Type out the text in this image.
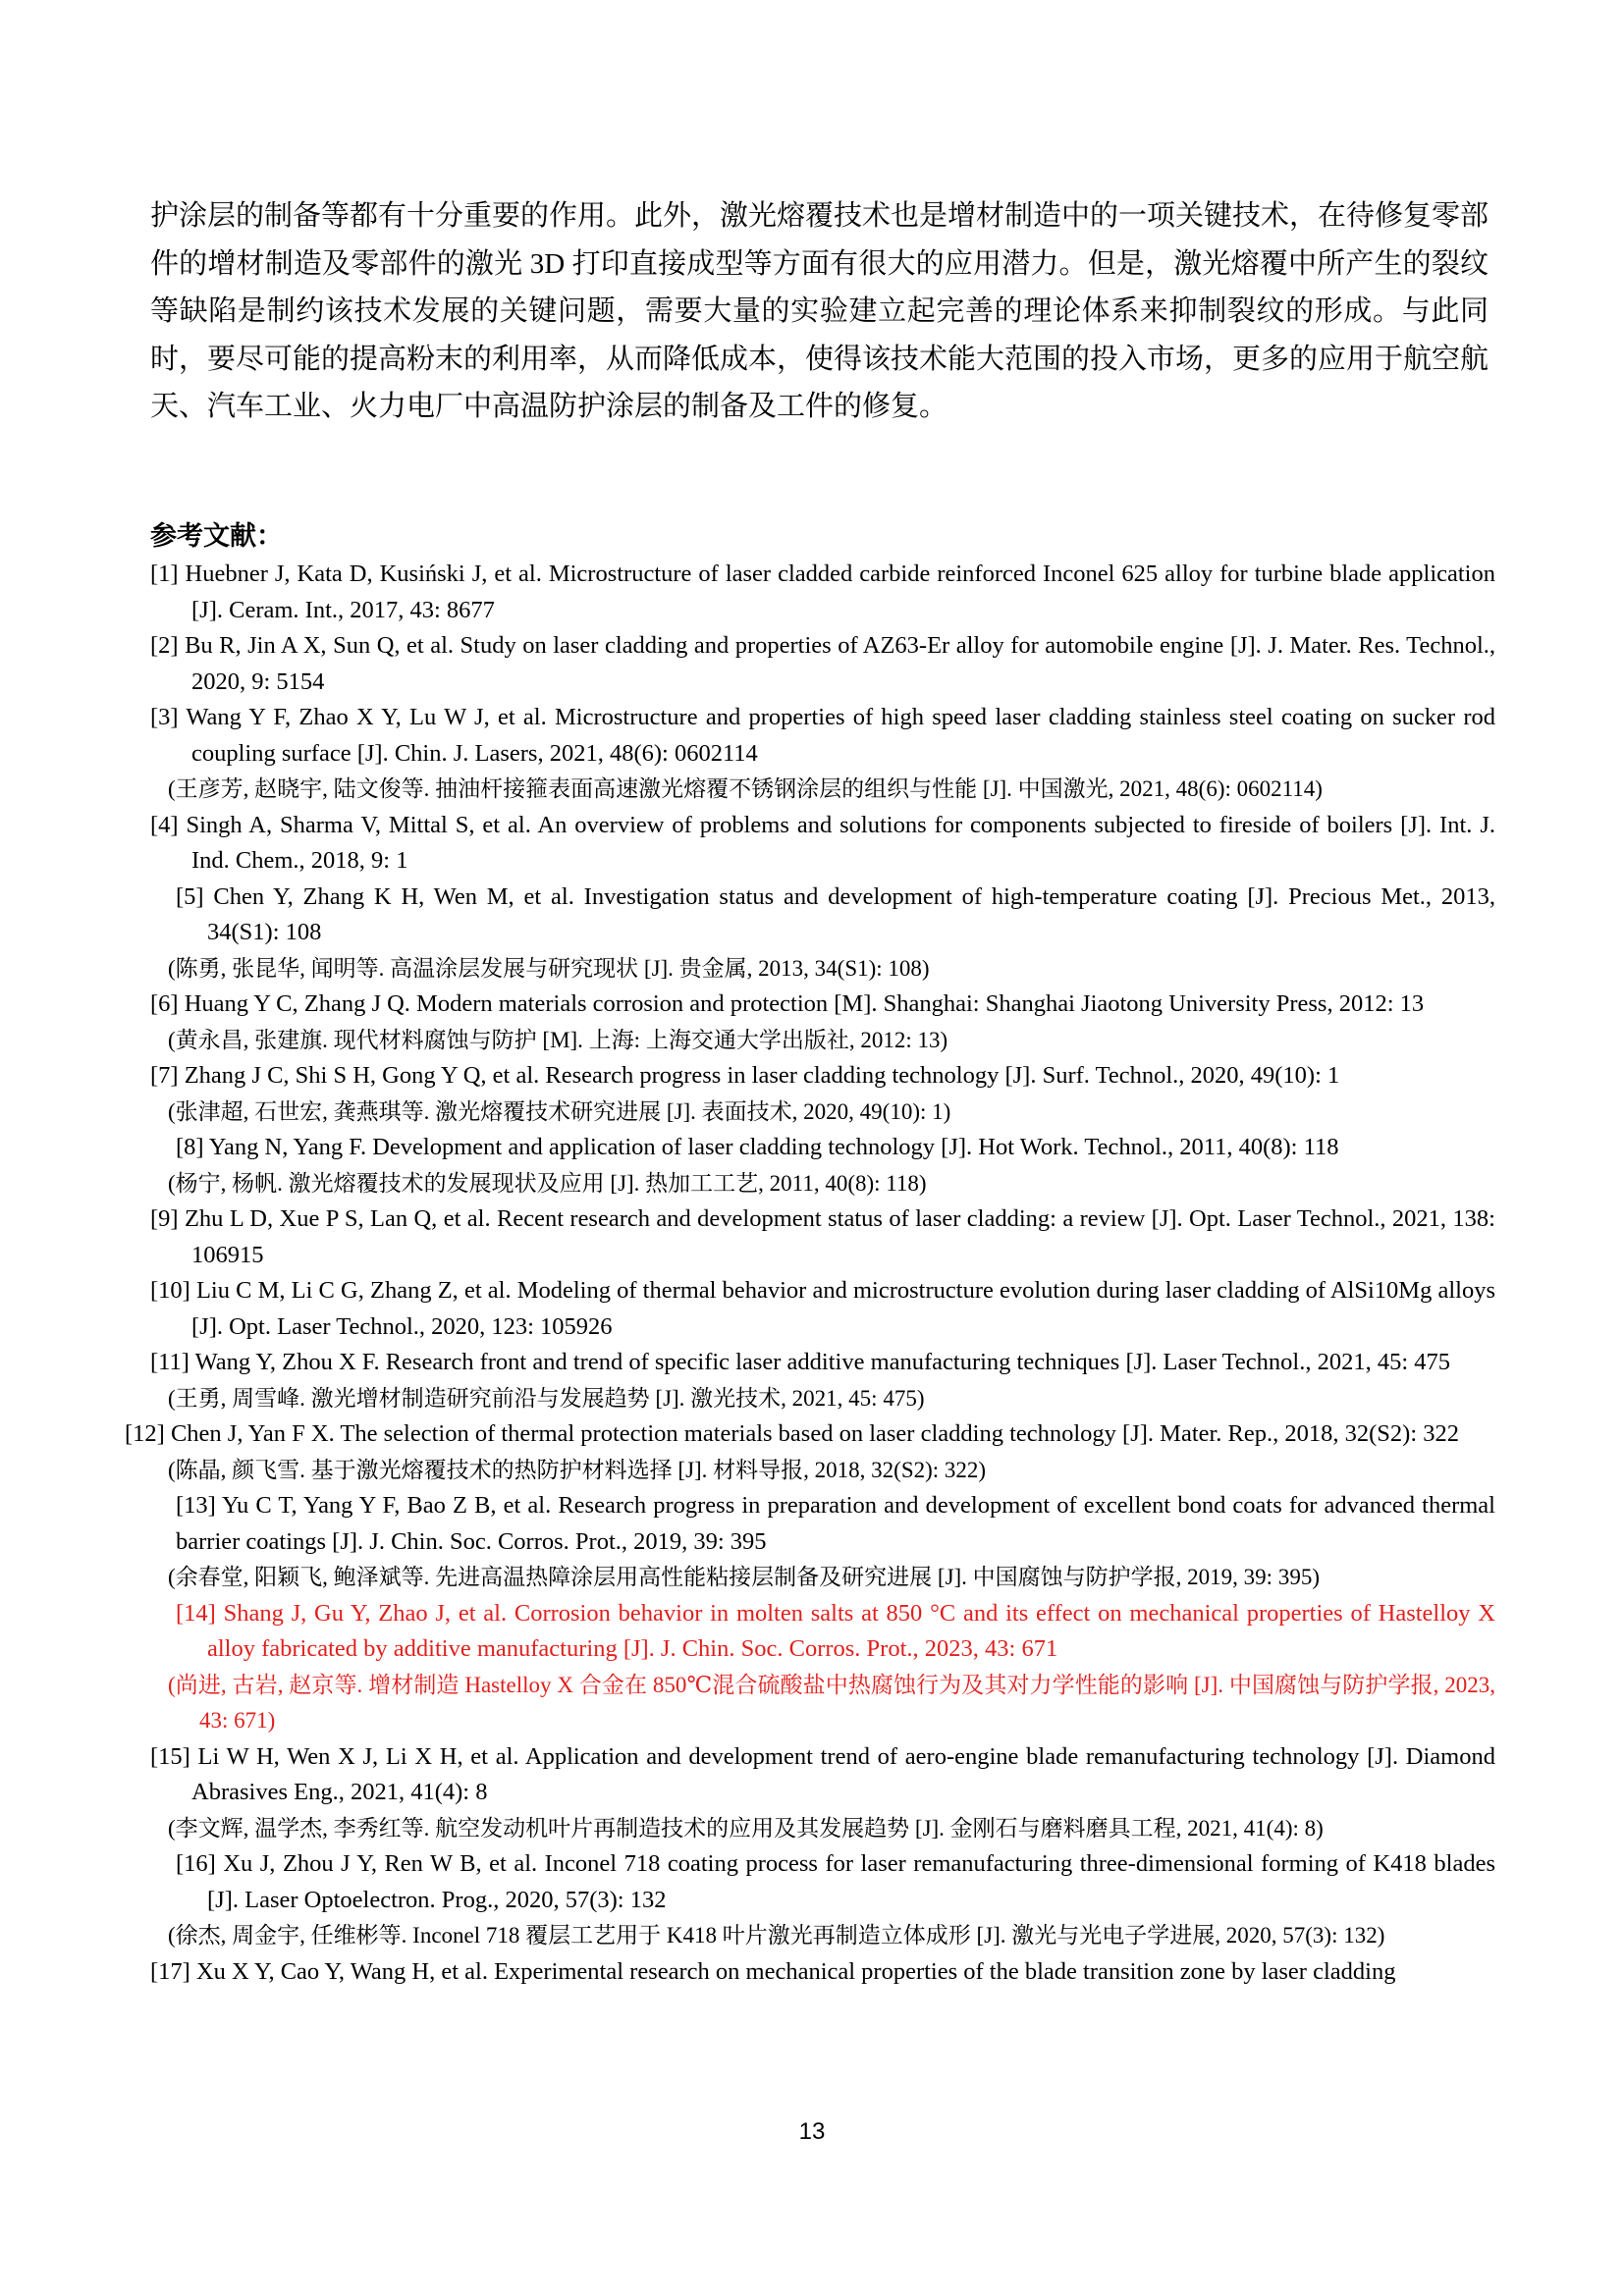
护涂层的制备等都有十分重要的作用。此外，激光熔覆技术也是增材制造中的一项关键技术，在待修复零部件的增材制造及零部件的激光 3D 打印直接成型等方面有很大的应用潜力。但是，激光熔覆中所产生的裂纹等缺陷是制约该技术发展的关键问题，需要大量的实验建立起完善的理论体系来抑制裂纹的形成。与此同时，要尽可能的提高粉末的利用率，从而降低成本，使得该技术能大范围的投入市场，更多的应用于航空航天、汽车工业、火力电厂中高温防护涂层的制备及工件的修复。

参考文献：

[1] Huebner J, Kata D, Kusiński J, et al. Microstructure of laser cladded carbide reinforced Inconel 625 alloy for turbine blade application [J]. Ceram. Int., 2017, 43: 8677

[2] Bu R, Jin A X, Sun Q, et al. Study on laser cladding and properties of AZ63-Er alloy for automobile engine [J]. J. Mater. Res. Technol., 2020, 9: 5154

[3] Wang Y F, Zhao X Y, Lu W J, et al. Microstructure and properties of high speed laser cladding stainless steel coating on sucker rod coupling surface [J]. Chin. J. Lasers, 2021, 48(6): 0602114

(王彦芳, 赵晓宇, 陆文俊等. 抽油杆接箍表面高速激光熔覆不锈钢涂层的组织与性能 [J]. 中国激光, 2021, 48(6): 0602114)

[4] Singh A, Sharma V, Mittal S, et al. An overview of problems and solutions for components subjected to fireside of boilers [J]. Int. J. Ind. Chem., 2018, 9: 1

[5] Chen Y, Zhang K H, Wen M, et al. Investigation status and development of high-temperature coating [J]. Precious Met., 2013, 34(S1): 108

(陈勇, 张昆华, 闻明等. 高温涂层发展与研究现状 [J]. 贵金属, 2013, 34(S1): 108)

[6] Huang Y C, Zhang J Q. Modern materials corrosion and protection [M]. Shanghai: Shanghai Jiaotong University Press, 2012: 13

(黄永昌, 张建旗. 现代材料腐蚀与防护 [M]. 上海: 上海交通大学出版社, 2012: 13)

[7] Zhang J C, Shi S H, Gong Y Q, et al. Research progress in laser cladding technology [J]. Surf. Technol., 2020, 49(10): 1

(张津超, 石世宏, 龚燕琪等. 激光熔覆技术研究进展 [J]. 表面技术, 2020, 49(10): 1)

[8] Yang N, Yang F. Development and application of laser cladding technology [J]. Hot Work. Technol., 2011, 40(8): 118

(杨宁, 杨帆. 激光熔覆技术的发展现状及应用 [J]. 热加工工艺, 2011, 40(8): 118)

[9] Zhu L D, Xue P S, Lan Q, et al. Recent research and development status of laser cladding: a review [J]. Opt. Laser Technol., 2021, 138: 106915

[10] Liu C M, Li C G, Zhang Z, et al. Modeling of thermal behavior and microstructure evolution during laser cladding of AlSi10Mg alloys [J]. Opt. Laser Technol., 2020, 123: 105926

[11] Wang Y, Zhou X F. Research front and trend of specific laser additive manufacturing techniques [J]. Laser Technol., 2021, 45: 475

(王勇, 周雪峰. 激光增材制造研究前沿与发展趋势 [J]. 激光技术, 2021, 45: 475)

[12] Chen J, Yan F X. The selection of thermal protection materials based on laser cladding technology [J]. Mater. Rep., 2018, 32(S2): 322

(陈晶, 颜飞雪. 基于激光熔覆技术的热防护材料选择 [J]. 材料导报, 2018, 32(S2): 322)

[13] Yu C T, Yang Y F, Bao Z B, et al. Research progress in preparation and development of excellent bond coats for advanced thermal barrier coatings [J]. J. Chin. Soc. Corros. Prot., 2019, 39: 395

(余春堂, 阳颖飞, 鲍泽斌等. 先进高温热障涂层用高性能粘接层制备及研究进展 [J]. 中国腐蚀与防护学报, 2019, 39: 395)

[14] Shang J, Gu Y, Zhao J, et al. Corrosion behavior in molten salts at 850 °C and its effect on mechanical properties of Hastelloy X alloy fabricated by additive manufacturing [J]. J. Chin. Soc. Corros. Prot., 2023, 43: 671

(尚进, 古岩, 赵京等. 增材制造 Hastelloy X 合金在 850℃混合硫酸盐中热腐蚀行为及其对力学性能的影响 [J]. 中国腐蚀与防护学报, 2023, 43: 671)

[15] Li W H, Wen X J, Li X H, et al. Application and development trend of aero-engine blade remanufacturing technology [J]. Diamond Abrasives Eng., 2021, 41(4): 8

(李文辉, 温学杰, 李秀红等. 航空发动机叶片再制造技术的应用及其发展趋势 [J]. 金刚石与磨料磨具工程, 2021, 41(4): 8)

[16] Xu J, Zhou J Y, Ren W B, et al. Inconel 718 coating process for laser remanufacturing three-dimensional forming of K418 blades [J]. Laser Optoelectron. Prog., 2020, 57(3): 132

(徐杰, 周金宇, 任维彬等. Inconel 718 覆层工艺用于 K418 叶片激光再制造立体成形 [J]. 激光与光电子学进展, 2020, 57(3): 132)

[17] Xu X Y, Cao Y, Wang H, et al. Experimental research on mechanical properties of the blade transition zone by laser cladding

13
